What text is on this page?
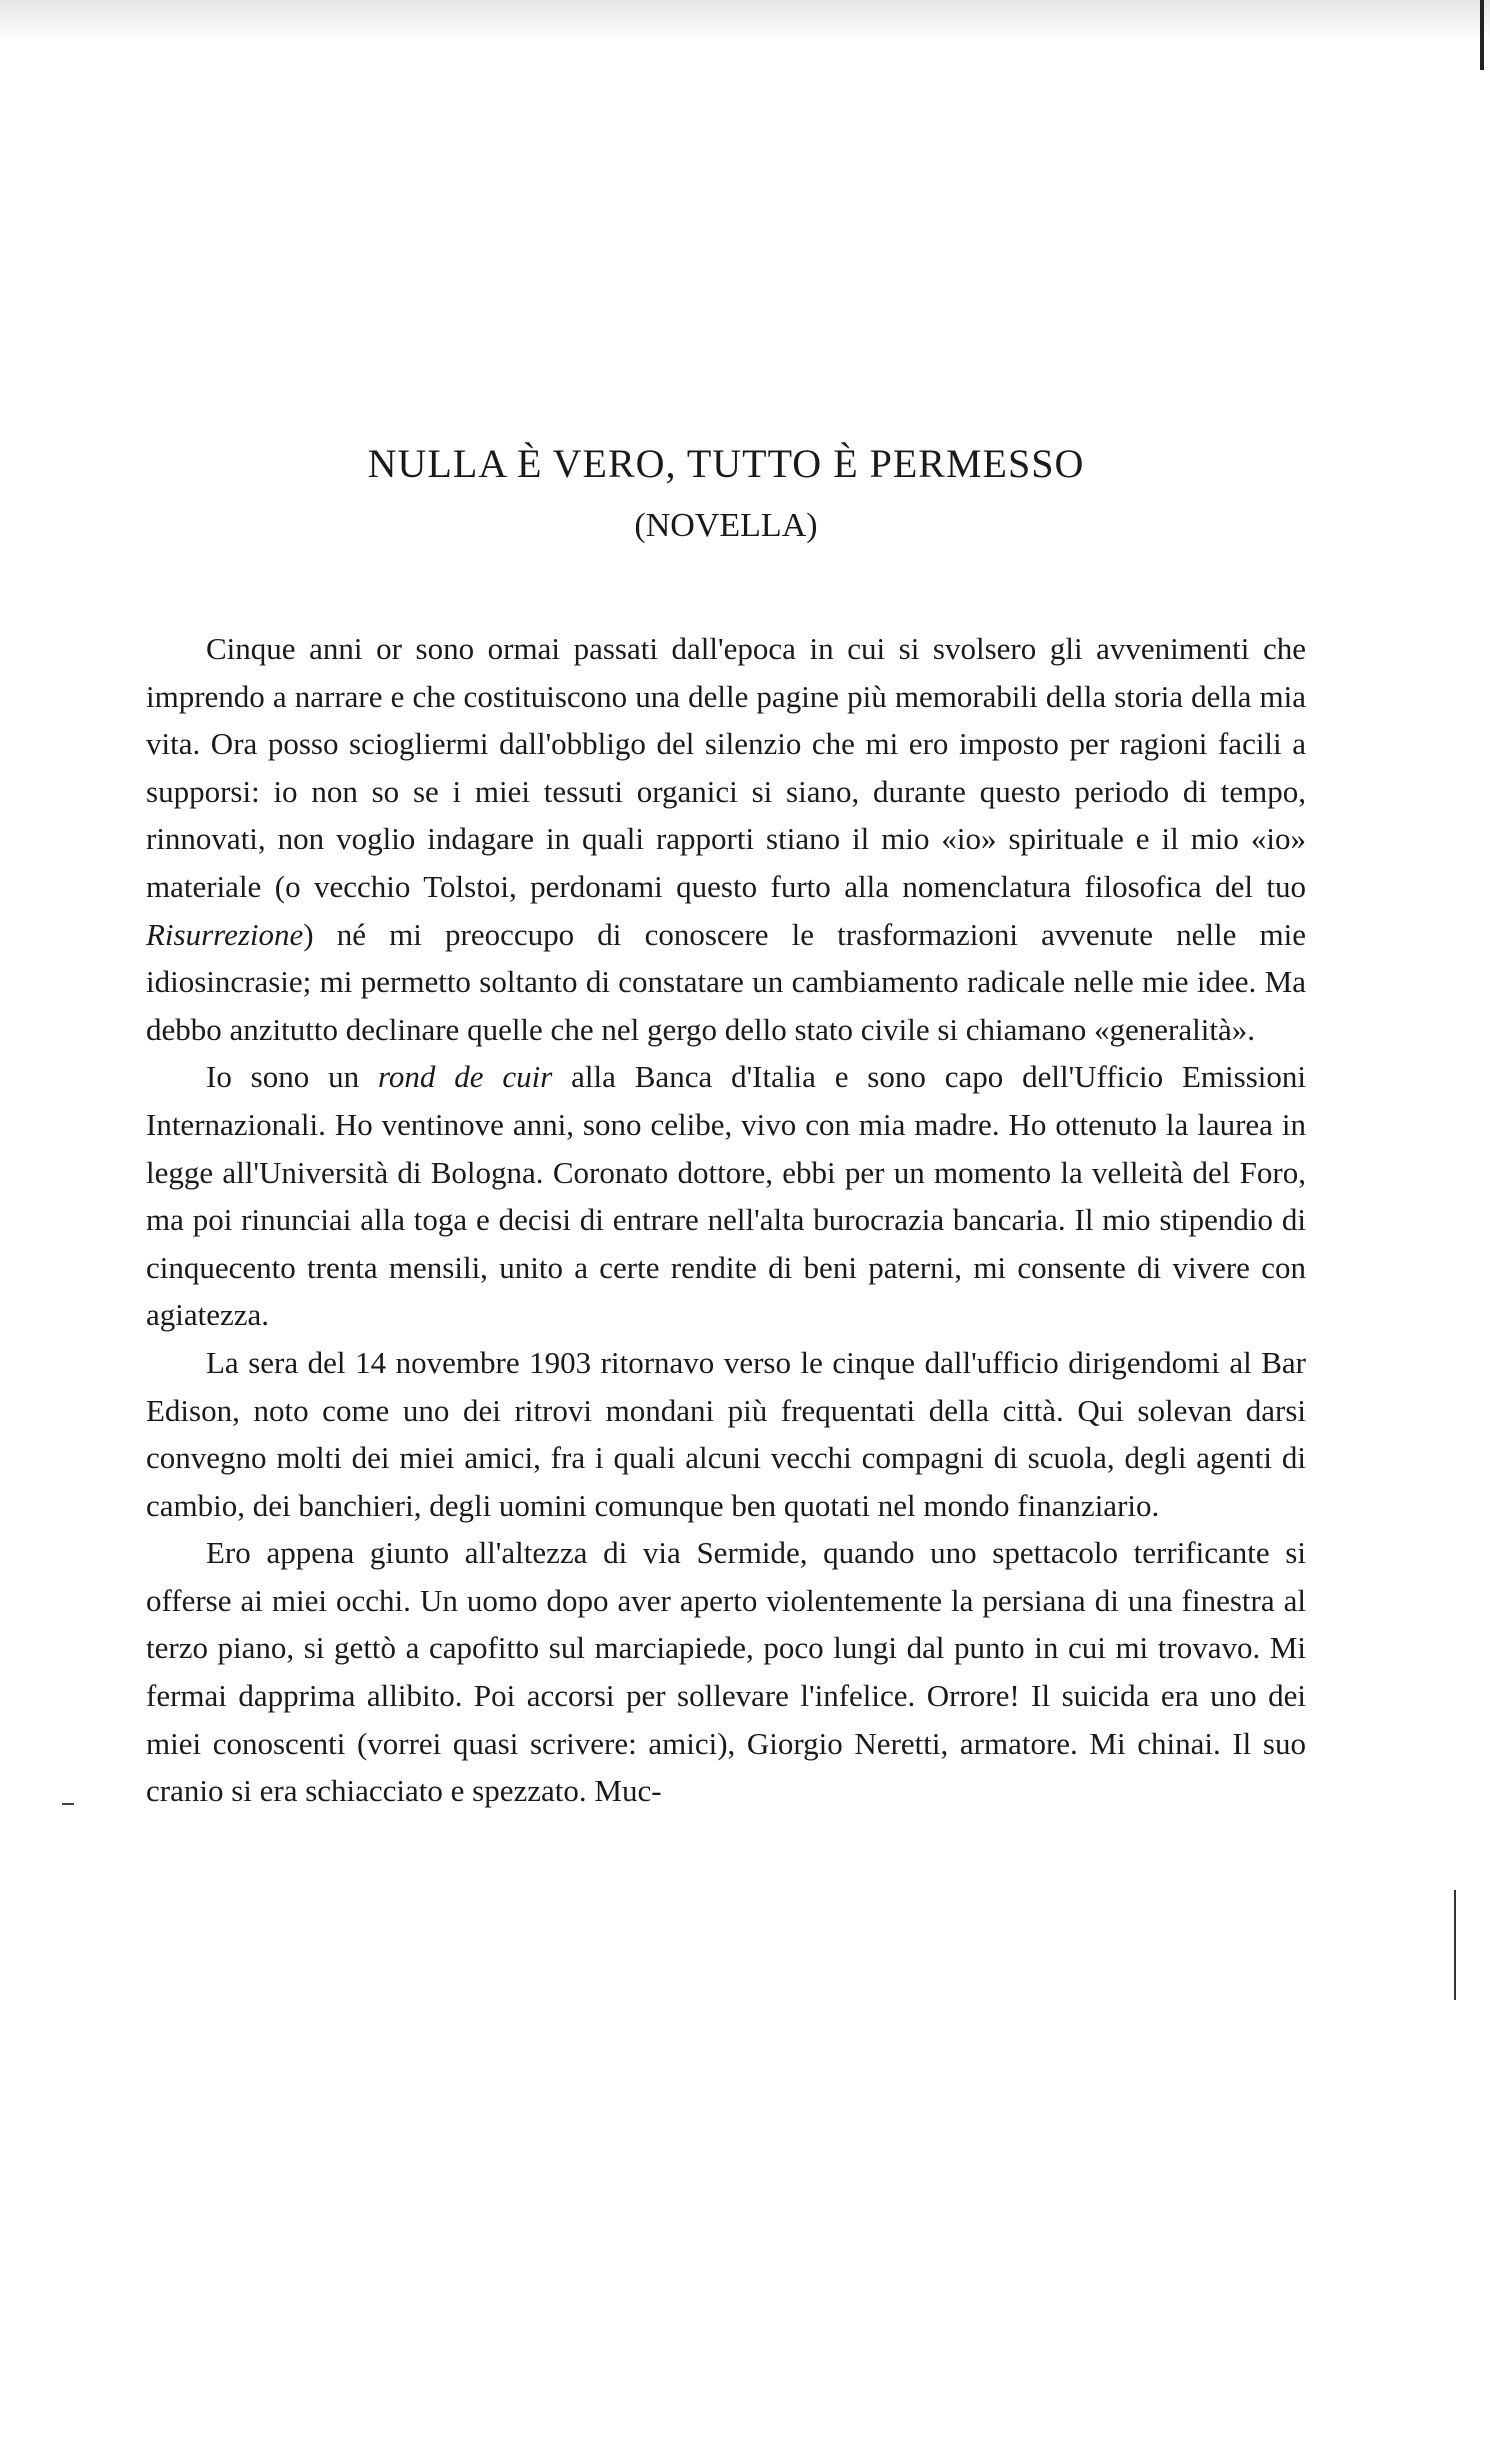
NULLA È VERO, TUTTO È PERMESSO
(NOVELLA)

Cinque anni or sono ormai passati dall'epoca in cui si svolsero gli avvenimenti che imprendo a narrare e che costituiscono una delle pagine più memorabili della storia della mia vita. Ora posso sciogliermi dall'obbligo del silenzio che mi ero imposto per ragioni facili a supporsi: io non so se i miei tessuti organici si siano, durante questo periodo di tempo, rinnovati, non voglio indagare in quali rapporti stiano il mio «io» spirituale e il mio «io» materiale (o vecchio Tolstoi, perdonami questo furto alla nomenclatura filosofica del tuo Risurrezione) né mi preoccupo di conoscere le trasformazioni avvenute nelle mie idiosincrasie; mi permetto soltanto di constatare un cambiamento radicale nelle mie idee. Ma debbo anzitutto declinare quelle che nel gergo dello stato civile si chiamano «generalità».

Io sono un rond de cuir alla Banca d'Italia e sono capo dell'Ufficio Emissioni Internazionali. Ho ventinove anni, sono celibe, vivo con mia madre. Ho ottenuto la laurea in legge all'Università di Bologna. Coronato dottore, ebbi per un momento la velleità del Foro, ma poi rinunciai alla toga e decisi di entrare nell'alta burocrazia bancaria. Il mio stipendio di cinquecento trenta mensili, unito a certe rendite di beni paterni, mi consente di vivere con agiatezza.

La sera del 14 novembre 1903 ritornavo verso le cinque dall'ufficio dirigendomi al Bar Edison, noto come uno dei ritrovi mondani più frequentati della città. Qui solevan darsi convegno molti dei miei amici, fra i quali alcuni vecchi compagni di scuola, degli agenti di cambio, dei banchieri, degli uomini comunque ben quotati nel mondo finanziario.

Ero appena giunto all'altezza di via Sermide, quando uno spettacolo terrificante si offerse ai miei occhi. Un uomo dopo aver aperto violentemente la persiana di una finestra al terzo piano, si gettò a capofitto sul marciapiede, poco lungi dal punto in cui mi trovavo. Mi fermai dapprima allibito. Poi accorsi per sollevare l'infelice. Orrore! Il suicida era uno dei miei conoscenti (vorrei quasi scrivere: amici), Giorgio Neretti, armatore. Mi chinai. Il suo cranio si era schiacciato e spezzato. Muc-
